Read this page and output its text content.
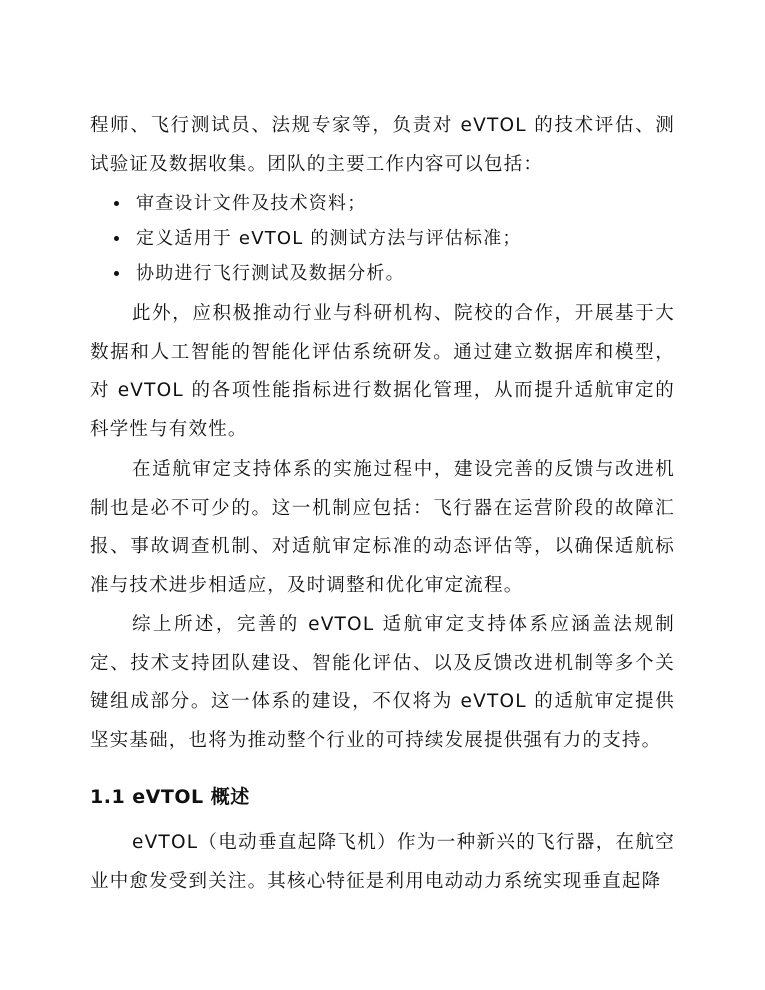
程师、飞行测试员、法规专家等，负责对 eVTOL 的技术评估、测试验证及数据收集。团队的主要工作内容可以包括：

审查设计文件及技术资料；
定义适用于 eVTOL 的测试方法与评估标准；
协助进行飞行测试及数据分析。

此外，应积极推动行业与科研机构、院校的合作，开展基于大数据和人工智能的智能化评估系统研发。通过建立数据库和模型，对 eVTOL 的各项性能指标进行数据化管理，从而提升适航审定的科学性与有效性。

在适航审定支持体系的实施过程中，建设完善的反馈与改进机制也是必不可少的。这一机制应包括：飞行器在运营阶段的故障汇报、事故调查机制、对适航审定标准的动态评估等，以确保适航标准与技术进步相适应，及时调整和优化审定流程。

综上所述，完善的 eVTOL 适航审定支持体系应涵盖法规制定、技术支持团队建设、智能化评估、以及反馈改进机制等多个关键组成部分。这一体系的建设，不仅将为 eVTOL 的适航审定提供坚实基础，也将为推动整个行业的可持续发展提供强有力的支持。

1.1 eVTOL 概述

eVTOL（电动垂直起降飞机）作为一种新兴的飞行器，在航空业中愈发受到关注。其核心特征是利用电动动力系统实现垂直起降
